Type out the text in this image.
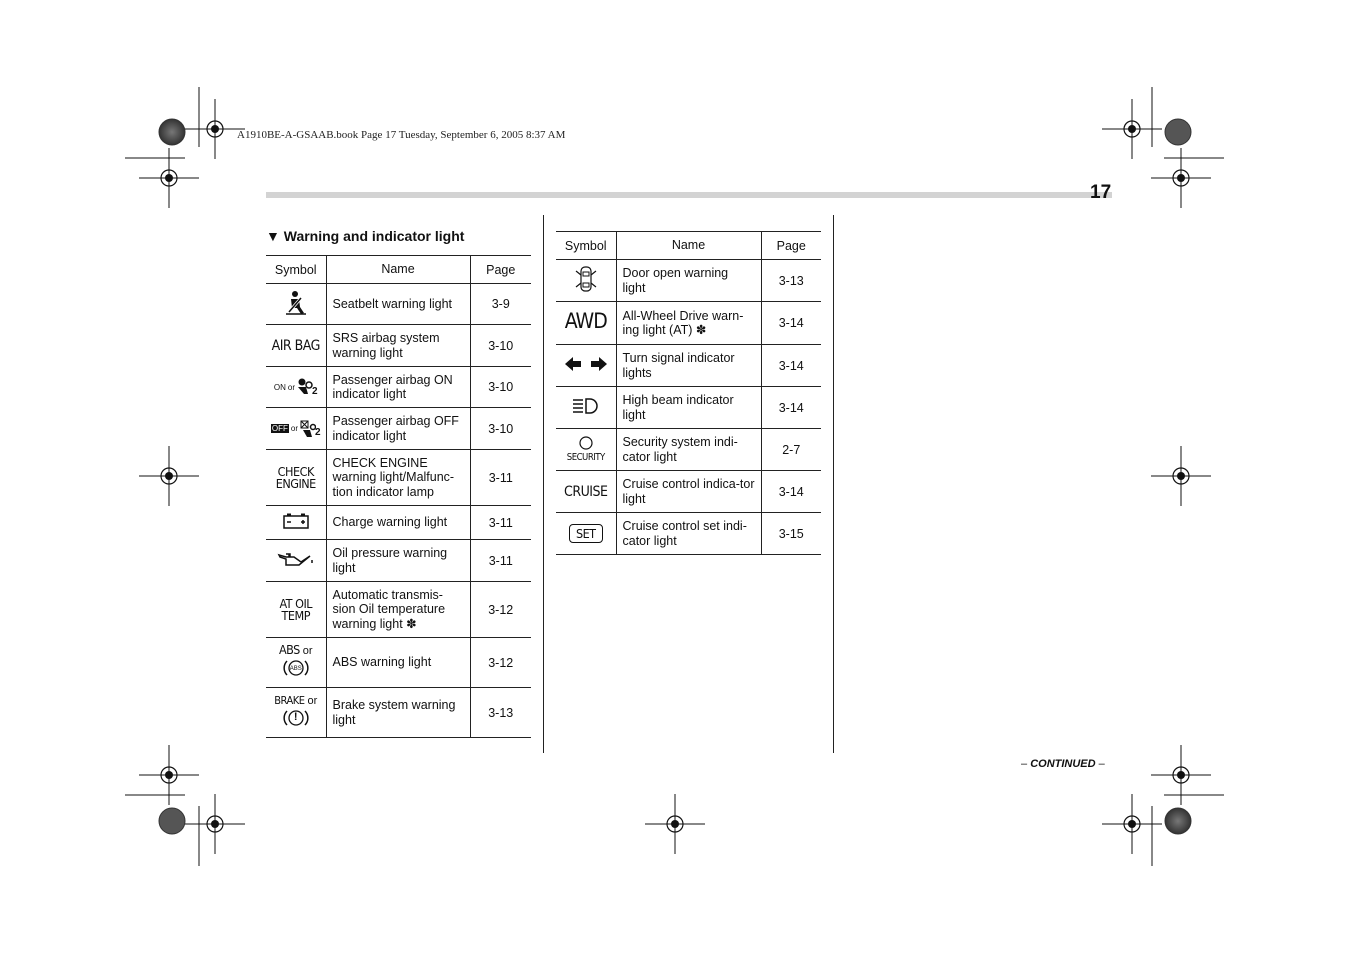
A1910BE-A-GSAAB.book Page 17 Tuesday, September 6, 2005 8:37 AM
17
▼ Warning and indicator light
Symbol	Name	Page
	Seatbelt warning light	3-9
AIR BAG	SRS airbag system warning light	3-10

ON or 2	Passenger airbag ON indicator light	3-10

OFF or 2	Passenger airbag OFF indicator light	3-10

CHECK
ENGINE	CHECK ENGINE warning light/Malfunc-tion indicator lamp	3-11
	Charge warning light	3-11
	Oil pressure warning light	3-11

AT OIL
TEMP	Automatic transmis-sion Oil temperature warning light ✽	3-12

ABS or
ABS	ABS warning light	3-12

BRAKE or
!	Brake system warning light	3-13
Symbol	Name	Page
	Door open warning light	3-13
AWD	All-Wheel Drive warn-ing light (AT) ✽	3-14
	Turn signal indicator lights	3-14
	High beam indicator light	3-14

SECURITY	Security system indi-cator light	2-7
CRUISE	Cruise control indica-tor light	3-14
SET	Cruise control set indi-cator light	3-15
– CONTINUED –
